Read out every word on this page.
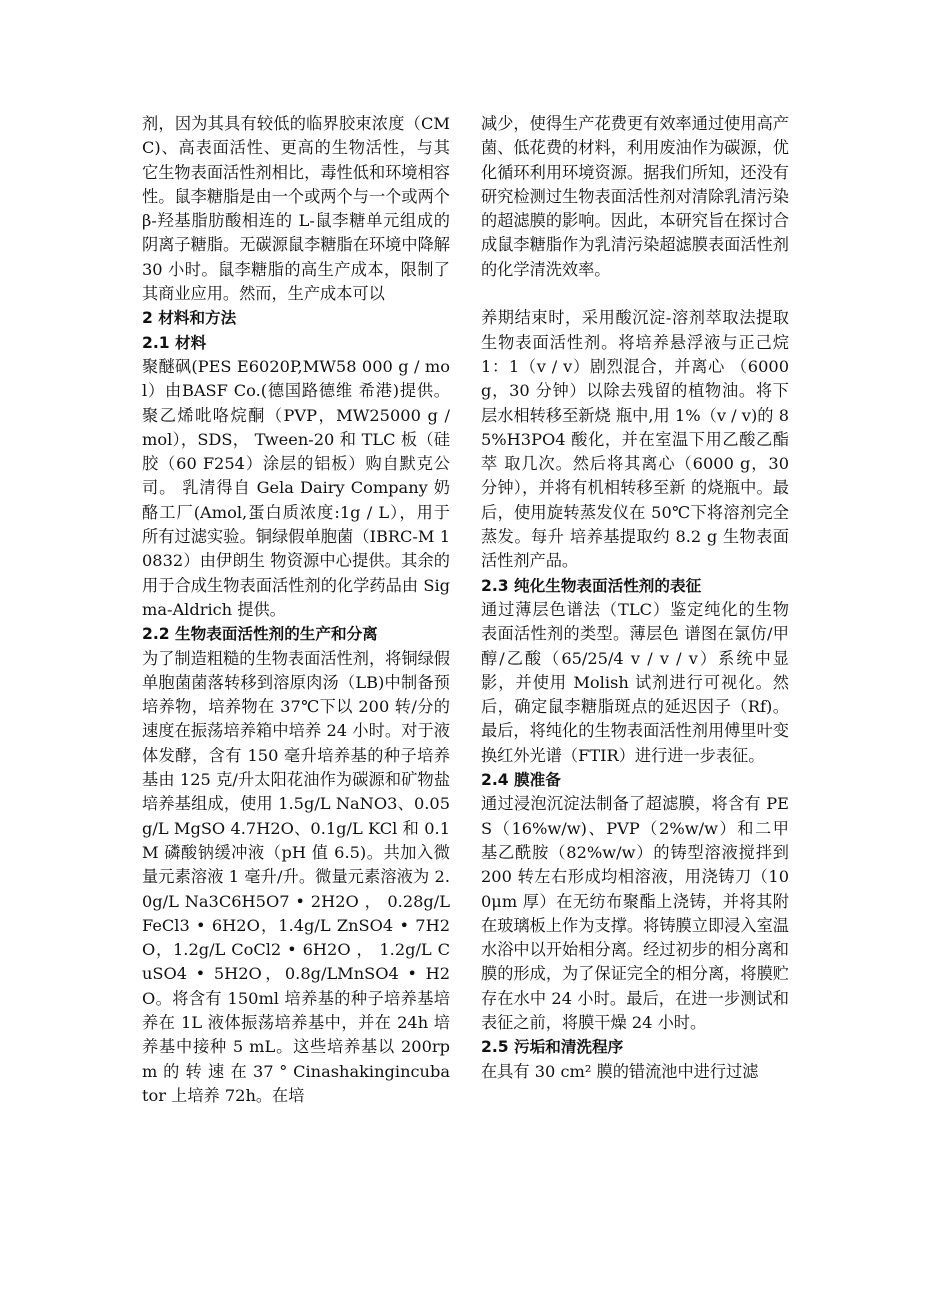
剂，因为其具有较低的临界胶束浓度（CMC)、高表面活性、更高的生物活性，与其它生物表面活性剂相比，毒性低和环境相容性。鼠李糖脂是由一个或两个与一个或两个β-羟基脂肪酸相连的 L-鼠李糖单元组成的阴离子糖脂。无碳源鼠李糖脂在环境中降解 30 小时。鼠李糖脂的高生产成本，限制了其商业应用。然而，生产成本可以

2 材料和方法
2.1 材料

聚醚砜(PES E6020P,MW58 000 g / mol）由BASF Co.(德国路德维 希港)提供。聚乙烯吡咯烷酮（PVP，MW25000 g / mol），SDS， Tween-20 和 TLC 板（硅胶（60 F254）涂层的铝板）购自默克公司。 乳清得自 Gela Dairy Company 奶酪工厂(Amol,蛋白质浓度:1g / L），用于所有过滤实验。铜绿假单胞菌（IBRC-M 10832）由伊朗生 物资源中心提供。其余的用于合成生物表面活性剂的化学药品由 Sigma-Aldrich 提供。

2.2 生物表面活性剂的生产和分离

为了制造粗糙的生物表面活性剂，将铜绿假单胞菌菌落转移到溶原肉汤（LB)中制备预培养物，培养物在 37℃下以 200 转/分的速度在振荡培养箱中培养 24 小时。对于液体发酵，含有 150 毫升培养基的种子培养基由 125 克/升太阳花油作为碳源和矿物盐培养基组成，使用 1.5g/L NaNO3、0.05g/L MgSO 4.7H2O、0.1g/L KCl 和 0.1M 磷酸钠缓冲液（pH 值 6.5)。共加入微量元素溶液 1 毫升/升。微量元素溶液为 2.0g/L Na3C6H5O7 • 2H2O ， 0.28g/L FeCl3 • 6H2O，1.4g/L ZnSO4 • 7H2O，1.2g/L CoCl2 • 6H2O ， 1.2g/L CuSO4 • 5H2O，0.8g/LMnSO4 • H2O。将含有 150ml 培养基的种子培养基培养在 1L 液体振荡培养基中，并在 24h 培养基中接种 5 mL。这些培养基以 200rpm 的 转 速 在 37 ° Cinashakingincubator 上培养 72h。在培

减少，使得生产花费更有效率通过使用高产菌、低花费的材料，利用废油作为碳源，优化循环利用环境资源。据我们所知，还没有研究检测过生物表面活性剂对清除乳清污染的超滤膜的影响。因此，本研究旨在探讨合成鼠李糖脂作为乳清污染超滤膜表面活性剂的化学清洗效率。

养期结束时，采用酸沉淀-溶剂萃取法提取生物表面活性剂。将培养悬浮液与正己烷 1：1（v / v）剧烈混合，并离心 （6000 g，30 分钟）以除去残留的植物油。将下层水相转移至新烧 瓶中,用 1%（v / v)的 85%H3PO4 酸化，并在室温下用乙酸乙酯萃 取几次。然后将其离心（6000 g，30 分钟），并将有机相转移至新 的烧瓶中。最后，使用旋转蒸发仪在 50℃下将溶剂完全蒸发。每升 培养基提取约 8.2 g 生物表面活性剂产品。

2.3 纯化生物表面活性剂的表征

通过薄层色谱法（TLC）鉴定纯化的生物表面活性剂的类型。薄层色 谱图在氯仿/甲醇/乙酸（65/25/4 v / v / v）系统中显影，并使用 Molish 试剂进行可视化。然后，确定鼠李糖脂斑点的延迟因子（Rf)。最后，将纯化的生物表面活性剂用傅里叶变换红外光谱（FTIR）进行进一步表征。

2.4 膜准备

通过浸泡沉淀法制备了超滤膜，将含有 PES（16%w/w)、PVP（2%w/w）和二甲基乙酰胺（82%w/w）的铸型溶液搅拌到 200 转左右形成均相溶液，用浇铸刀（100μm 厚）在无纺布聚酯上浇铸，并将其附在玻璃板上作为支撑。将铸膜立即浸入室温水浴中以开始相分离。经过初步的相分离和膜的形成，为了保证完全的相分离，将膜贮存在水中 24 小时。最后，在进一步测试和表征之前，将膜干燥 24 小时。

2.5 污垢和清洗程序

在具有 30 cm² 膜的错流池中进行过滤
